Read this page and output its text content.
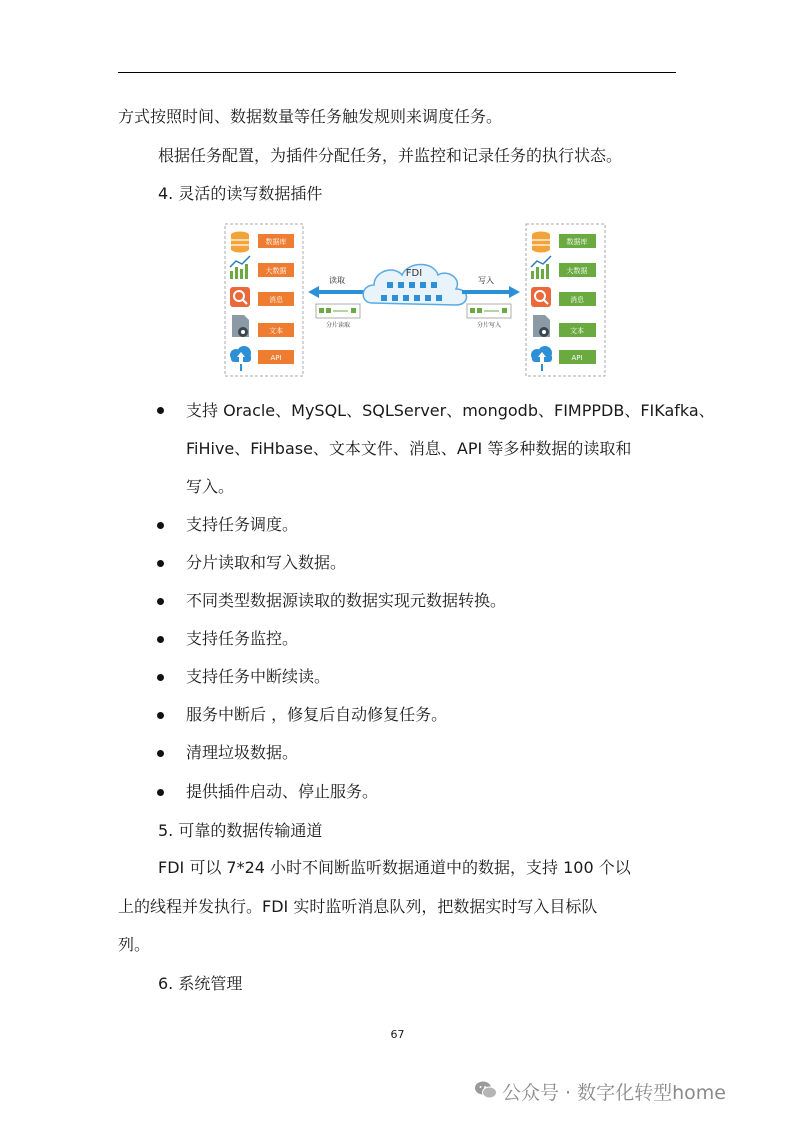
方式按照时间、数据数量等任务触发规则来调度任务。
根据任务配置，为插件分配任务，并监控和记录任务的执行状态。
4. 灵活的读写数据插件
数据库
大数据
消息
文本
API
数据库
大数据
消息
文本
API
读取
分片读取
FDI
写入
分片写入
支持 Oracle、MySQL、SQLServer、mongodb、FIMPPDB、FIKafka、
FiHive、FiHbase、文本文件、消息、API 等多种数据的读取和
写入。
支持任务调度。
分片读取和写入数据。
不同类型数据源读取的数据实现元数据转换。
支持任务监控。
支持任务中断续读。
服务中断后 ，修复后自动修复任务。
清理垃圾数据。
提供插件启动、停止服务。
5. 可靠的数据传输通道
FDI 可以 7*24 小时不间断监听数据通道中的数据，支持 100 个以
上的线程并发执行。FDI 实时监听消息队列，把数据实时写入目标队
列。
6. 系统管理
67
公众号 · 数字化转型home
